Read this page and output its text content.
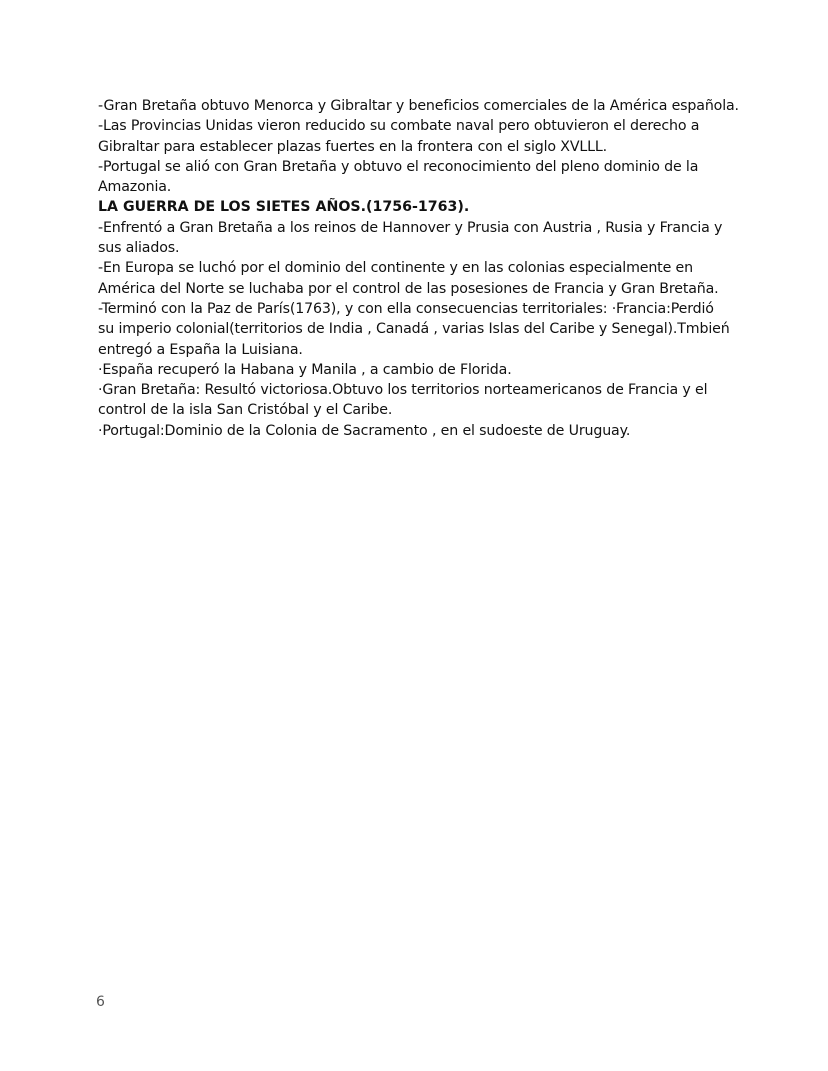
-Gran Bretaña obtuvo Menorca y Gibraltar y beneficios comerciales de la América española.
-Las Provincias Unidas vieron reducido su combate naval pero obtuvieron el derecho a
Gibraltar para establecer plazas fuertes en la frontera con el siglo XVLLL.
-Portugal se alió con Gran Bretaña y obtuvo el reconocimiento del pleno dominio de la
Amazonia.
LA GUERRA DE LOS SIETES AÑOS.(1756-1763).
-Enfrentó a Gran Bretaña a los reinos de Hannover y Prusia con Austria , Rusia y Francia y
sus aliados.
-En Europa se luchó por el dominio del continente y en las colonias especialmente en
América del Norte se luchaba por el control de las posesiones de Francia y Gran Bretaña.
-Terminó con la Paz de París(1763), y con ella consecuencias territoriales: ·Francia:Perdió
su imperio colonial(territorios de India , Canadá , varias Islas del Caribe y Senegal).Tmbień
entregó a España la Luisiana.
·España recuperó la Habana y Manila , a cambio de Florida.
·Gran Bretaña: Resultó victoriosa.Obtuvo los territorios norteamericanos de Francia y el
control de la isla San Cristóbal y el Caribe.
·Portugal:Dominio de la Colonia de Sacramento , en el sudoeste de Uruguay.
6
